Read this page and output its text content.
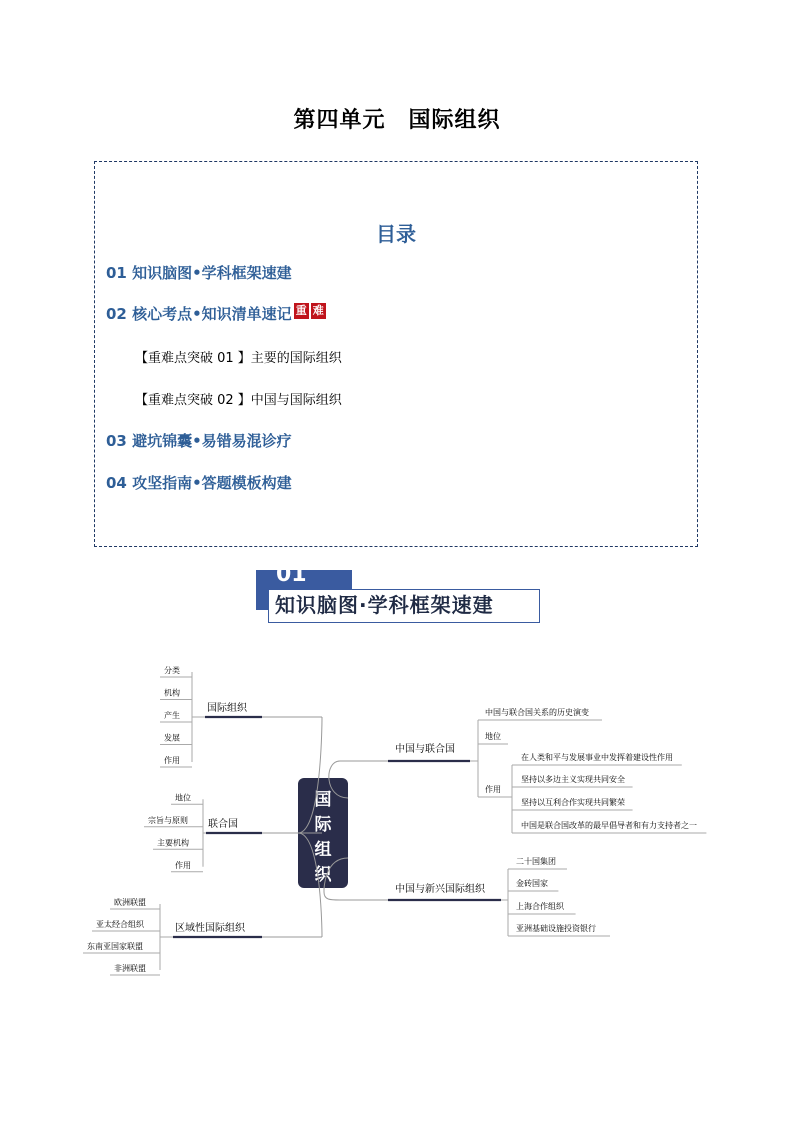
第四单元　国际组织
目录
01 知识脑图•学科框架速建
02 核心考点•知识清单速记 重 难
【重难点突破 01 】主要的国际组织
【重难点突破 02 】中国与国际组织
03 避坑锦囊•易错易混诊疗
04 攻坚指南•答题模板构建
01
知识脑图·学科框架速建
国
际
组
织
国际组织
分类
机构
产生
发展
作用
联合国
地位
宗旨与原则
主要机构
作用
区域性国际组织
欧洲联盟
亚太经合组织
东南亚国家联盟
非洲联盟
中国与联合国
中国与联合国关系的历史演变
地位
作用
在人类和平与发展事业中发挥着建设性作用
坚持以多边主义实现共同安全
坚持以互利合作实现共同繁荣
中国是联合国改革的最早倡导者和有力支持者之一
中国与新兴国际组织
二十国集团
金砖国家
上海合作组织
亚洲基础设施投资银行
